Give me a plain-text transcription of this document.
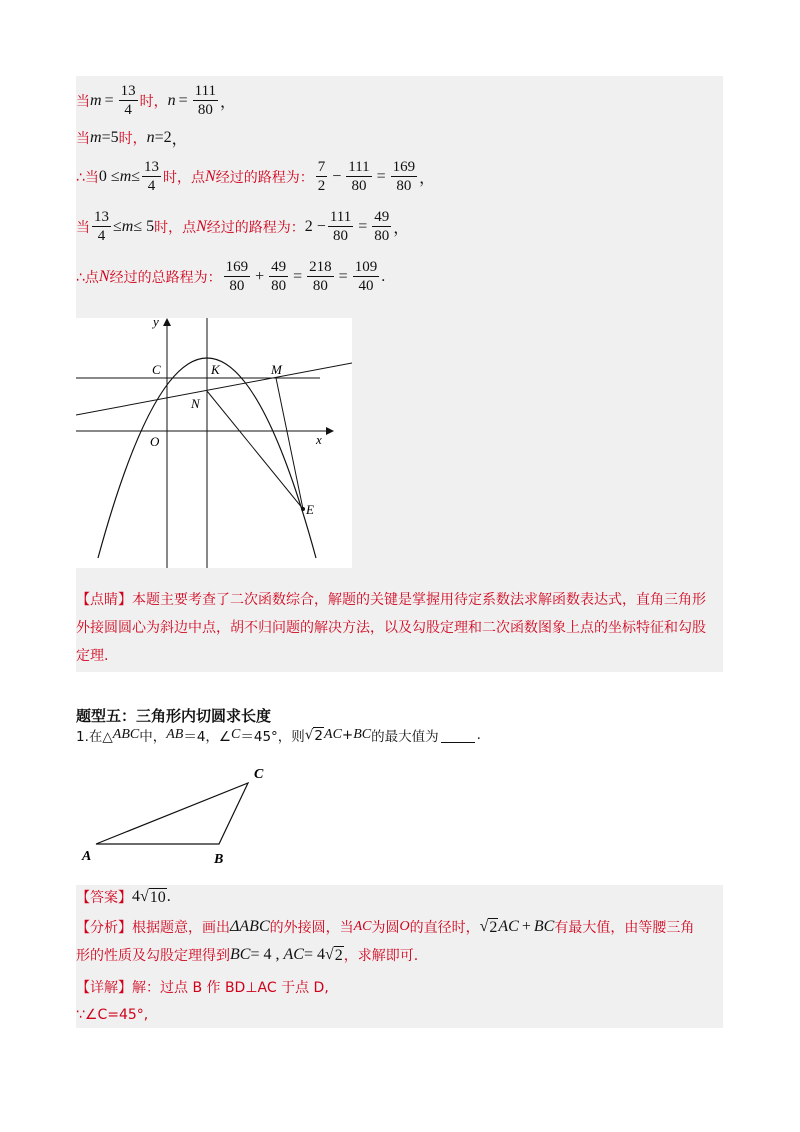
当 $m = \frac{13}{4}$ 时， $n = \frac{111}{80}$ ，
当 m =5 时， n =2 ，
∴当 $0 \le m \le \frac{13}{4}$ 时，点 N 经过的路程为： $\frac{7}{2} - \frac{111}{80} = \frac{169}{80}$ ，
当 $\frac{13}{4} \le m \le 5$ 时，点 N 经过的路程为： $2 - \frac{111}{80} = \frac{49}{80}$ ，
∴点 N 经过的总路程为： $\frac{169}{80} + \frac{49}{80} = \frac{218}{80} = \frac{109}{40}$ .
y
x
C	K	M
N
O
E
【点睛】本题主要考查了二次函数综合，解题的关键是掌握用待定系数法求解函数表达式，直角三角形外接圆圆心为斜边中点，胡不归问题的解决方法，以及勾股定理和二次函数图象上点的坐标特征和勾股定理.
题型五：三角形内切圆求长度
1.在△ ABC 中， AB ＝4，∠ C ＝45°，则 √ 2 AC + BC 的最大值为	.
A	B
C
【答案】 4 √ 10 .
【分析】 根据题意，画出 Δ ABC 的外接圆，当 AC 为圆 O 的直径时， √ 2 AC + BC 有最大值，由等腰三角
形的性质及勾股定理得到 BC = 4 , AC = 4 √ 2 ，求解即可.
【详解】 解：过点 B 作 BD⊥AC 于点 D,
∵∠C=45°,
